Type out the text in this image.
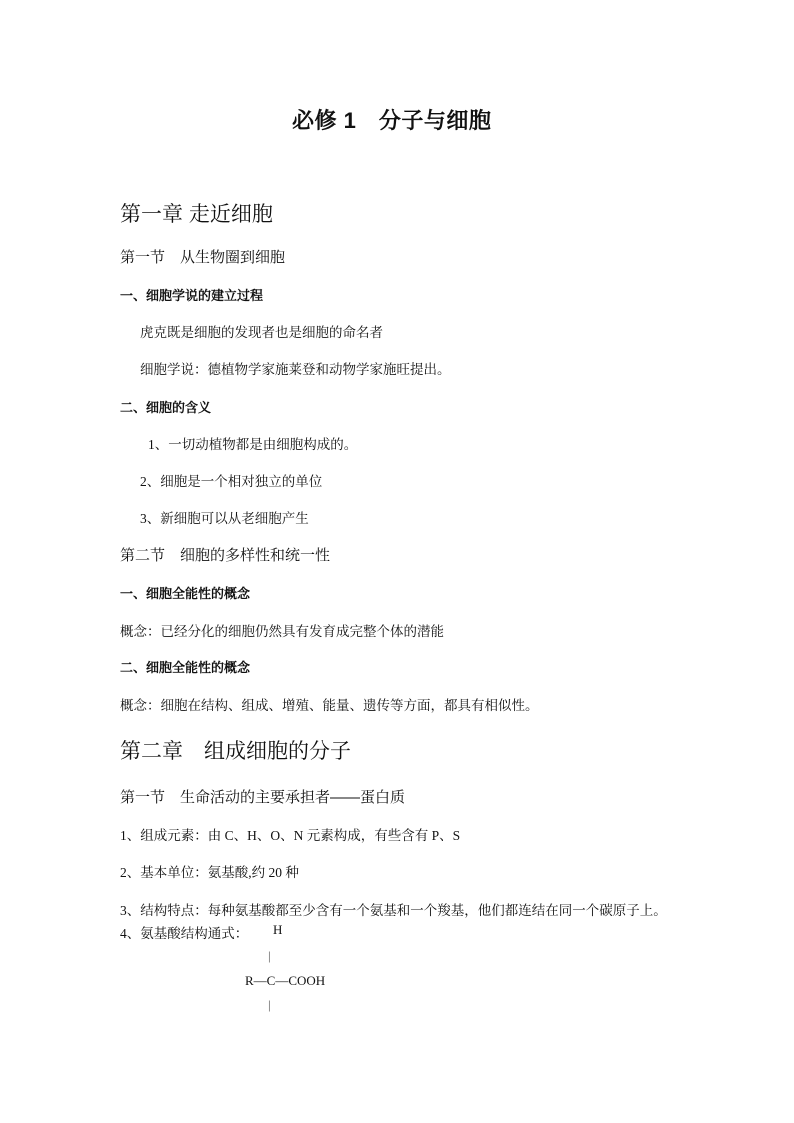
必修 1　分子与细胞
第一章 走近细胞
第一节　从生物圈到细胞
一、细胞学说的建立过程
虎克既是细胞的发现者也是细胞的命名者
细胞学说：德植物学家施莱登和动物学家施旺提出。
二、细胞的含义
1、一切动植物都是由细胞构成的。
2、细胞是一个相对独立的单位
3、新细胞可以从老细胞产生
第二节　细胞的多样性和统一性
一、细胞全能性的概念
概念：已经分化的细胞仍然具有发育成完整个体的潜能
二、细胞全能性的概念
概念：细胞在结构、组成、增殖、能量、遗传等方面，都具有相似性。
第二章　组成细胞的分子
第一节　生命活动的主要承担者——蛋白质
1、组成元素：由 C、H、O、N 元素构成，有些含有 P、S
2、基本单位：氨基酸,约 20 种
3、结构特点：每种氨基酸都至少含有一个氨基和一个羧基，他们都连结在同一个碳原子上。
4、氨基酸结构通式： H
|
R—C—COOH
|
